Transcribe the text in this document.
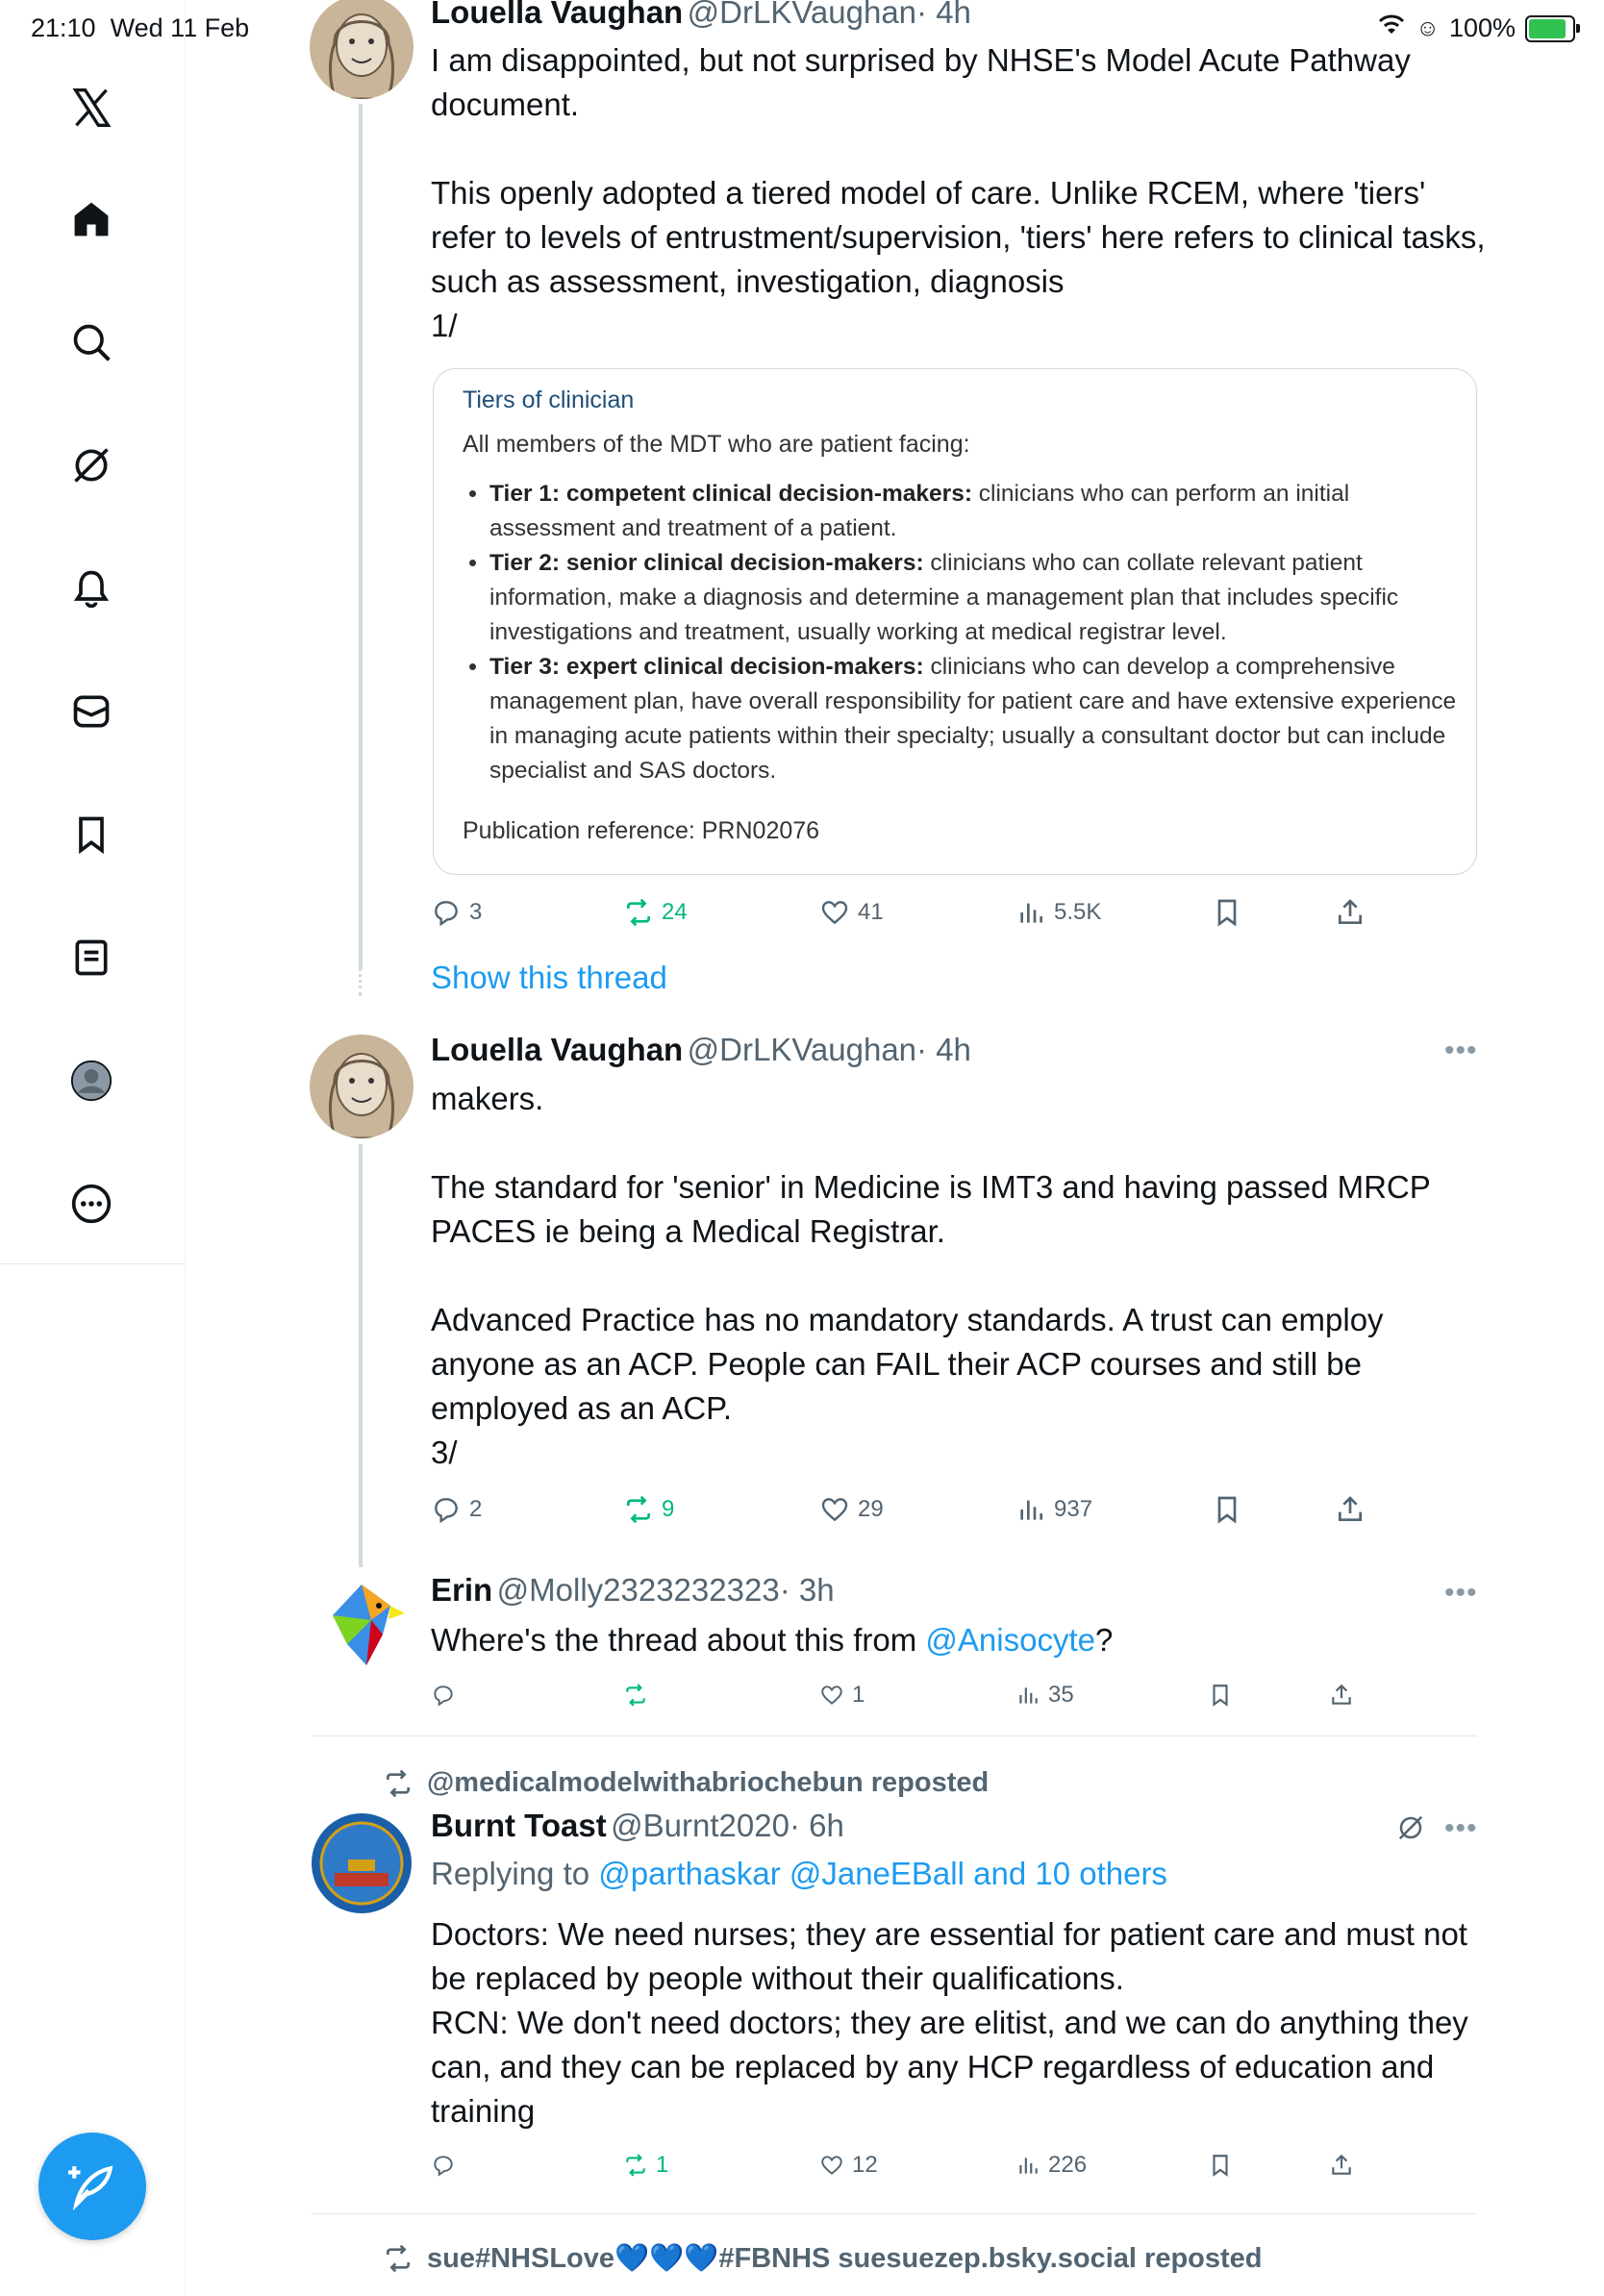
21:10 Wed 11 Feb	☺ 100%
Louella Vaughan @DrLKVaughan· 4h
I am disappointed, but not surprised by NHSE's Model Acute Pathway document.

This openly adopted a tiered model of care. Unlike RCEM, where 'tiers' refer to levels of entrustment/supervision, 'tiers' here refers to clinical tasks, such as assessment, investigation, diagnosis
1/
Tiers of clinician
All members of the MDT who are patient facing:
• Tier 1: competent clinical decision-makers: clinicians who can perform an initial assessment and treatment of a patient.
• Tier 2: senior clinical decision-makers: clinicians who can collate relevant patient information, make a diagnosis and determine a management plan that includes specific investigations and treatment, usually working at medical registrar level.
• Tier 3: expert clinical decision-makers: clinicians who can develop a comprehensive management plan, have overall responsibility for patient care and have extensive experience in managing acute patients within their specialty; usually a consultant doctor but can include specialist and SAS doctors.
Publication reference: PRN02076
3	24	41	5.5K
Show this thread
Louella Vaughan @DrLKVaughan· 4h	•••
makers.

The standard for 'senior' in Medicine is IMT3 and having passed MRCP PACES ie being a Medical Registrar.

Advanced Practice has no mandatory standards. A trust can employ anyone as an ACP. People can FAIL their ACP courses and still be employed as an ACP.
3/
2	9	29	937
Erin @Molly2323232323· 3h	•••
Where's the thread about this from @Anisocyte?
1	35
@medicalmodelwithabriochebun reposted
Burnt Toast @Burnt2020· 6h	•••
Replying to @parthaskar @JaneEBall and 10 others
Doctors: We need nurses; they are essential for patient care and must not be replaced by people without their qualifications.
RCN: We don't need doctors; they are elitist, and we can do anything they can, and they can be replaced by any HCP regardless of education and training
1	12	226
sue#NHSLove💙💙💙#FBNHS suesuezep.bsky.social reposted
